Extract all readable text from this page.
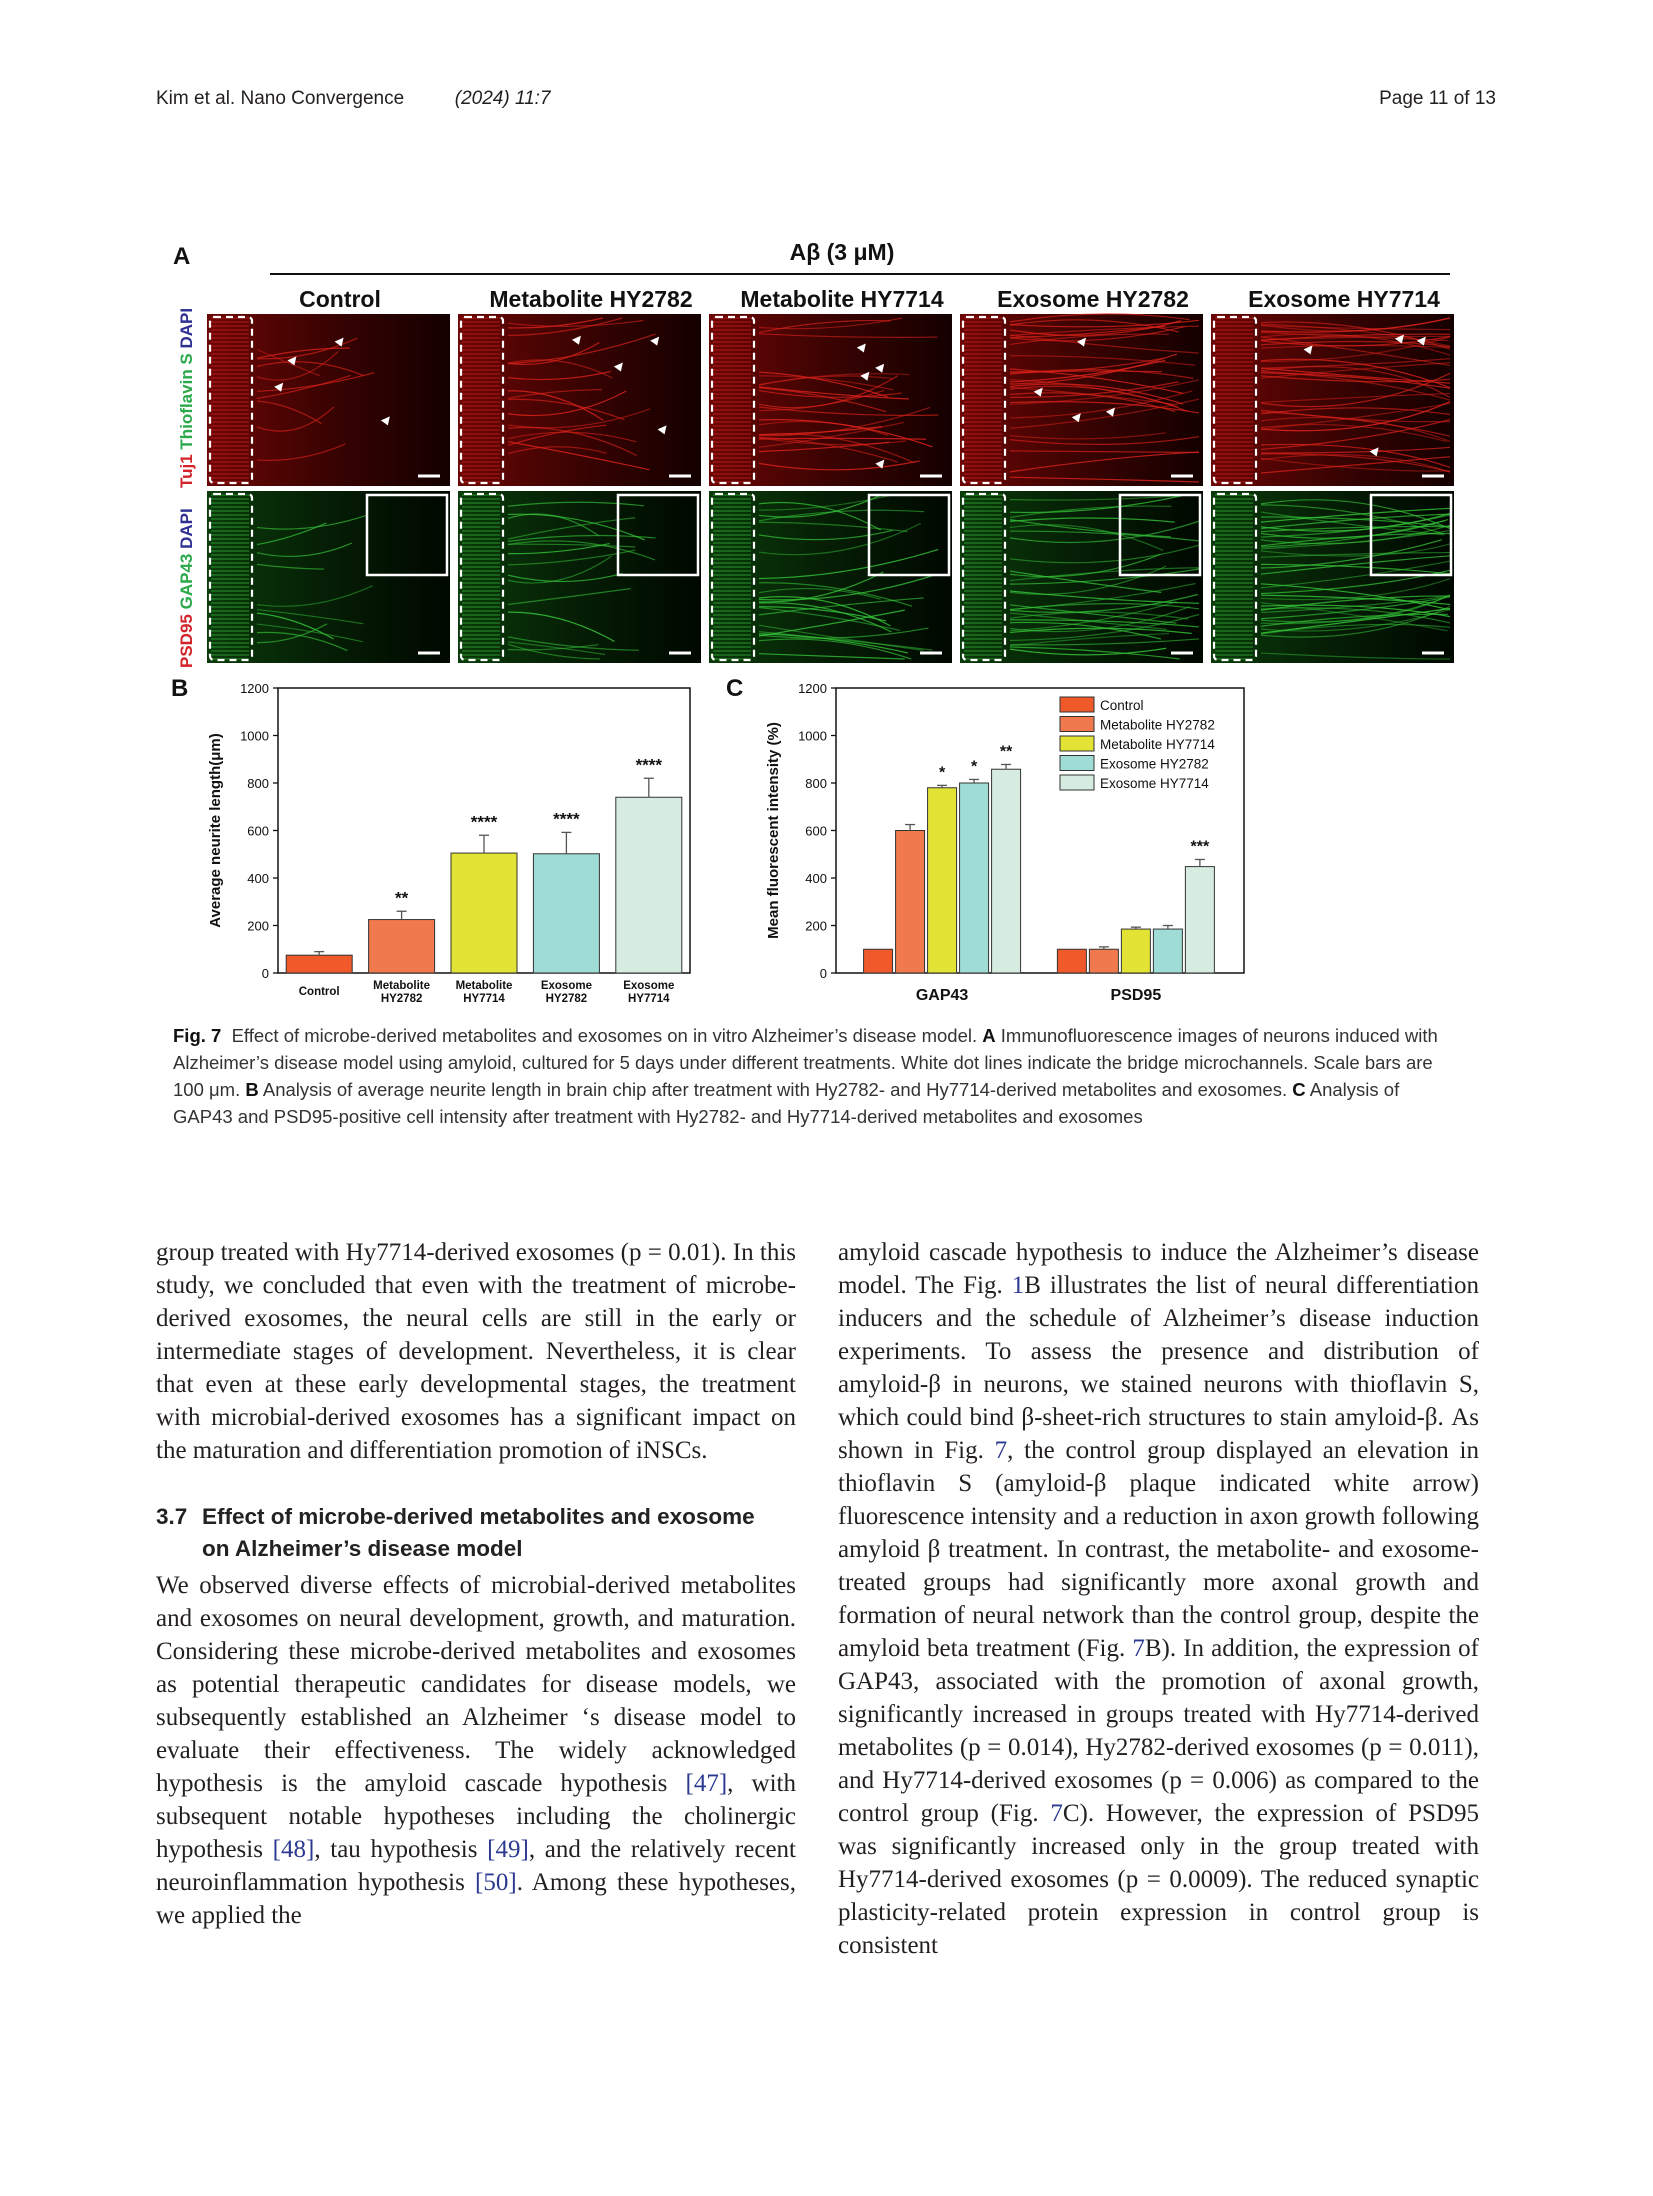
Kim et al. Nano Convergence	(2024) 11:7	Page 11 of 13
A	Aβ (3 μM)
Control	Metabolite HY2782 Metabolite HY7714 Exosome HY2782	Exosome HY7714
Tuj1 Thioflavin S DAPI
PSD95 GAP43 DAPI
B
0
200
400
600
800
1000
1200
Average neurite length(μm)
Control
**
Metabolite
HY2782
****
Metabolite
HY7714
****
Exosome
HY2782
****
Exosome
HY7714
C
0
200
400
600
800
1000
1200
Mean fluorescent intensity (%)	* *
**
GAP43
***
PSD95
Control
Metabolite HY2782
Metabolite HY7714
Exosome HY2782
Exosome HY7714
Fig. 7 Effect of microbe-derived metabolites and exosomes on in vitro Alzheimer’s disease model. A Immunofluorescence images of neurons induced with Alzheimer’s disease model using amyloid, cultured for 5 days under different treatments. White dot lines indicate the bridge microchannels. Scale bars are 100 μm. B Analysis of average neurite length in brain chip after treatment with Hy2782- and Hy7714-derived metabolites and exosomes. C Analysis of GAP43 and PSD95-positive cell intensity after treatment with Hy2782- and Hy7714-derived metabolites and exosomes

group treated with Hy7714-derived exosomes (p = 0.01). In this study, we concluded that even with the treatment of microbe-derived exosomes, the neural cells are still in the early or intermediate stages of development. Nevertheless, it is clear that even at these early developmental stages, the treatment with microbial-derived exosomes has a significant impact on the maturation and differentiation promotion of iNSCs.

3.7 Effect of microbe-derived metabolites and exosome
on Alzheimer’s disease model

We observed diverse effects of microbial-derived metabolites and exosomes on neural development, growth, and maturation. Considering these microbe-derived metabolites and exosomes as potential therapeutic candidates for disease models, we subsequently established an Alzheimer ‘s disease model to evaluate their effectiveness. The widely acknowledged hypothesis is the amyloid cascade hypothesis [47], with subsequent notable hypotheses including the cholinergic hypothesis [48], tau hypothesis [49], and the relatively recent neuroinflammation hypothesis [50]. Among these hypotheses, we applied the

amyloid cascade hypothesis to induce the Alzheimer’s disease model. The Fig. 1B illustrates the list of neural differentiation inducers and the schedule of Alzheimer’s disease induction experiments. To assess the presence and distribution of amyloid-β in neurons, we stained neurons with thioflavin S, which could bind β-sheet-rich structures to stain amyloid-β. As shown in Fig. 7, the control group displayed an elevation in thioflavin S (amyloid-β plaque indicated white arrow) fluorescence intensity and a reduction in axon growth following amyloid β treatment. In contrast, the metabolite- and exosome-treated groups had significantly more axonal growth and formation of neural network than the control group, despite the amyloid beta treatment (Fig. 7B). In addition, the expression of GAP43, associated with the promotion of axonal growth, significantly increased in groups treated with Hy7714-derived metabolites (p = 0.014), Hy2782-derived exosomes (p = 0.011), and Hy7714-derived exosomes (p = 0.006) as compared to the control group (Fig. 7C). However, the expression of PSD95 was significantly increased only in the group treated with Hy7714-derived exosomes (p = 0.0009). The reduced synaptic plasticity-related protein expression in control group is consistent
